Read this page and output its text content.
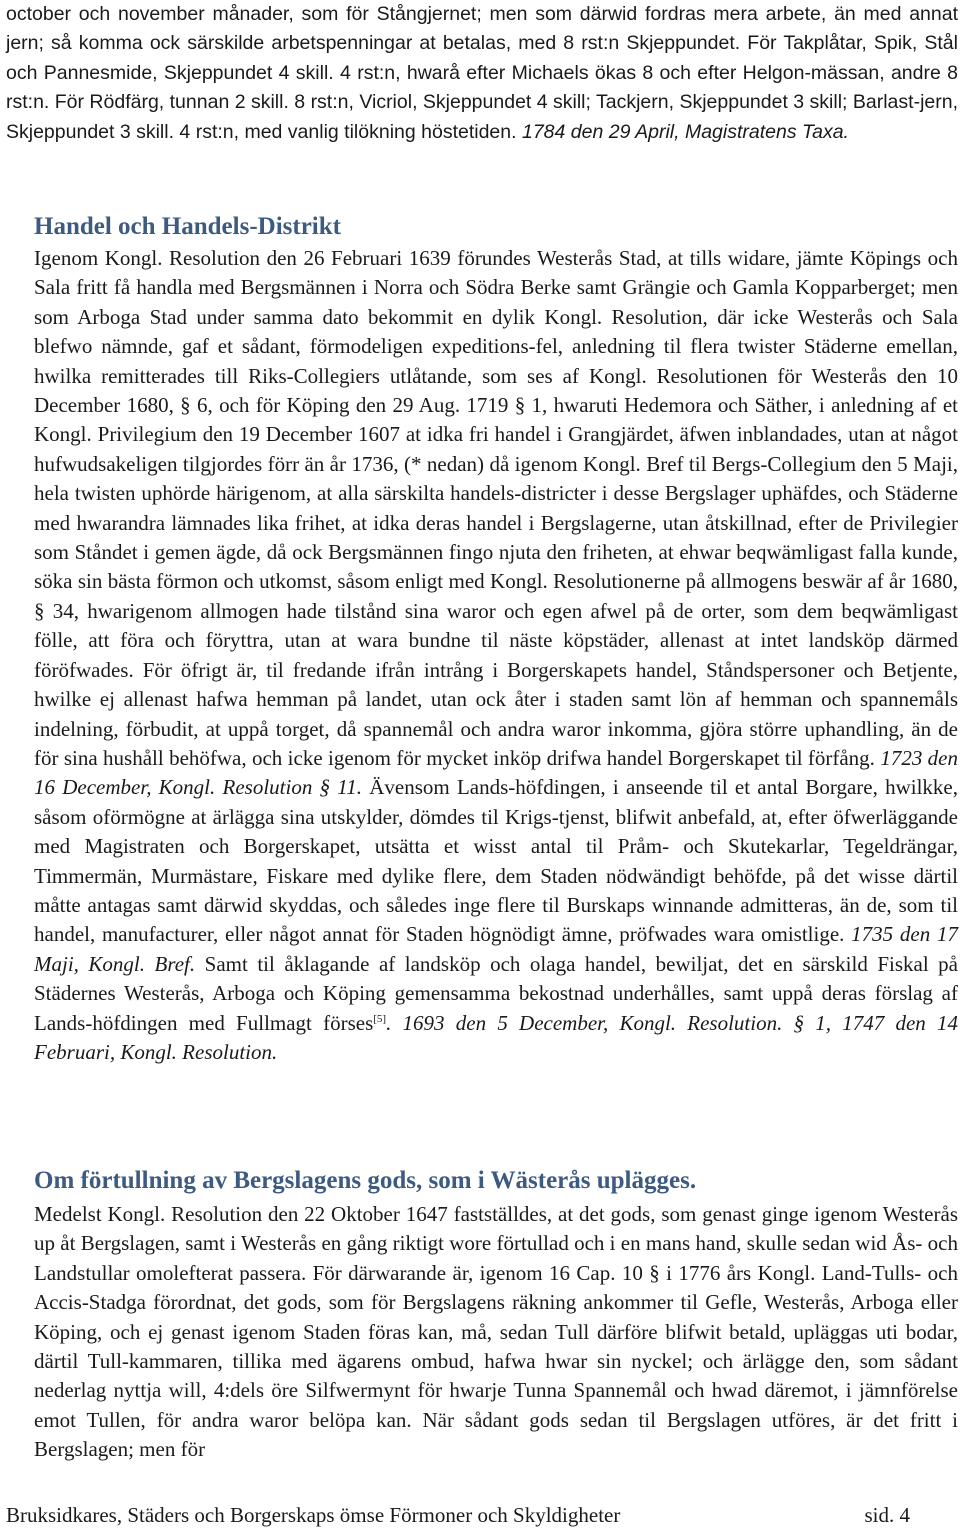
october och november månader, som för Stångjernet; men som därwid fordras mera arbete, än med annat jern; så komma ock särskilde arbetspenningar at betalas, med 8 rst:n Skjeppundet. För Takplåtar, Spik, Stål och Pannesmide, Skjeppundet 4 skill. 4 rst:n, hwarå efter Michaels ökas 8 och efter Helgon-mässan, andre 8 rst:n. För Rödfärg, tunnan 2 skill. 8 rst:n, Vicriol, Skjeppundet 4 skill; Tackjern, Skjeppundet 3 skill; Barlast-jern, Skjeppundet 3 skill. 4 rst:n, med vanlig tilökning höstetiden. 1784 den 29 April, Magistratens Taxa.

Handel och Handels-Distrikt

Igenom Kongl. Resolution den 26 Februari 1639 förundes Westerås Stad, at tills widare, jämte Köpings och Sala fritt få handla med Bergsmännen i Norra och Södra Berke samt Grängie och Gamla Kopparberget; men som Arboga Stad under samma dato bekommit en dylik Kongl. Resolution, där icke Westerås och Sala blefwo nämnde, gaf et sådant, förmodeligen expeditions-fel, anledning til flera twister Städerne emellan, hwilka remitterades till Riks-Collegiers utlåtande, som ses af Kongl. Resolutionen för Westerås den 10 December 1680, § 6, och för Köping den 29 Aug. 1719 § 1, hwaruti Hedemora och Säther, i anledning af et Kongl. Privilegium den 19 December 1607 at idka fri handel i Grangjärdet, äfwen inblandades, utan at något hufwudsakeligen tilgjordes förr än år 1736, (* nedan) då igenom Kongl. Bref til Bergs-Collegium den 5 Maji, hela twisten uphörde härigenom, at alla särskilta handels-districter i desse Bergslager uphäfdes, och Städerne med hwarandra lämnades lika frihet, at idka deras handel i Bergslagerne, utan åtskillnad, efter de Privilegier som Ståndet i gemen ägde, då ock Bergsmännen fingo njuta den friheten, at ehwar beqwämligast falla kunde, söka sin bästa förmon och utkomst, såsom enligt med Kongl. Resolutionerne på allmogens beswär af år 1680, § 34, hwarigenom allmogen hade tilstånd sina waror och egen afwel på de orter, som dem beqwämligast fölle, att föra och föryttra, utan at wara bundne til näste köpstäder, allenast at intet landsköp därmed föröfwades. För öfrigt är, til fredande ifrån intrång i Borgerskapets handel, Ståndspersoner och Betjente, hwilke ej allenast hafwa hemman på landet, utan ock åter i staden samt lön af hemman och spannemåls indelning, förbudit, at uppå torget, då spannemål och andra waror inkomma, gjöra större uphandling, än de för sina hushåll behöfwa, och icke igenom för mycket inköp drifwa handel Borgerskapet til förfång. 1723 den 16 December, Kongl. Resolution § 11. Ävensom Lands-höfdingen, i anseende til et antal Borgare, hwilkke, såsom oförmögne at ärlägga sina utskylder, dömdes til Krigs-tjenst, blifwit anbefald, at, efter öfwerläggande med Magistraten och Borgerskapet, utsätta et wisst antal til Pråm- och Skutekarlar, Tegeldrängar, Timmermän, Murmästare, Fiskare med dylike flere, dem Staden nödwändigt behöfde, på det wisse därtil måtte antagas samt därwid skyddas, och således inge flere til Burskaps winnande admitteras, än de, som til handel, manufacturer, eller något annat för Staden högnödigt ämne, pröfwades wara omistlige. 1735 den 17 Maji, Kongl. Bref. Samt til åklagande af landsköp och olaga handel, bewiljat, det en särskild Fiskal på Städernes Westerås, Arboga och Köping gemensamma bekostnad underhålles, samt uppå deras förslag af Lands-höfdingen med Fullmagt förses[5]. 1693 den 5 December, Kongl. Resolution. § 1, 1747 den 14 Februari, Kongl. Resolution.

Om förtullning av Bergslagens gods, som i Wästerås uplägges.

Medelst Kongl. Resolution den 22 Oktober 1647 fastställdes, at det gods, som genast ginge igenom Westerås up åt Bergslagen, samt i Westerås en gång riktigt wore förtullad och i en mans hand, skulle sedan wid Ås- och Landstullar omolefterat passera. För därwarande är, igenom 16 Cap. 10 § i 1776 års Kongl. Land-Tulls- och Accis-Stadga förordnat, det gods, som för Bergslagens räkning ankommer til Gefle, Westerås, Arboga eller Köping, och ej genast igenom Staden föras kan, må, sedan Tull därföre blifwit betald, upläggas uti bodar, därtil Tull-kammaren, tillika med ägarens ombud, hafwa hwar sin nyckel; och ärlägge den, som sådant nederlag nyttja will, 4:dels öre Silfwermynt för hwarje Tunna Spannemål och hwad däremot, i jämnförelse emot Tullen, för andra waror belöpa kan. När sådant gods sedan til Bergslagen utföres, är det fritt i Bergslagen; men för

Bruksidkares, Städers och Borgerskaps ömse Förmoner och Skyldigheter	sid. 4
